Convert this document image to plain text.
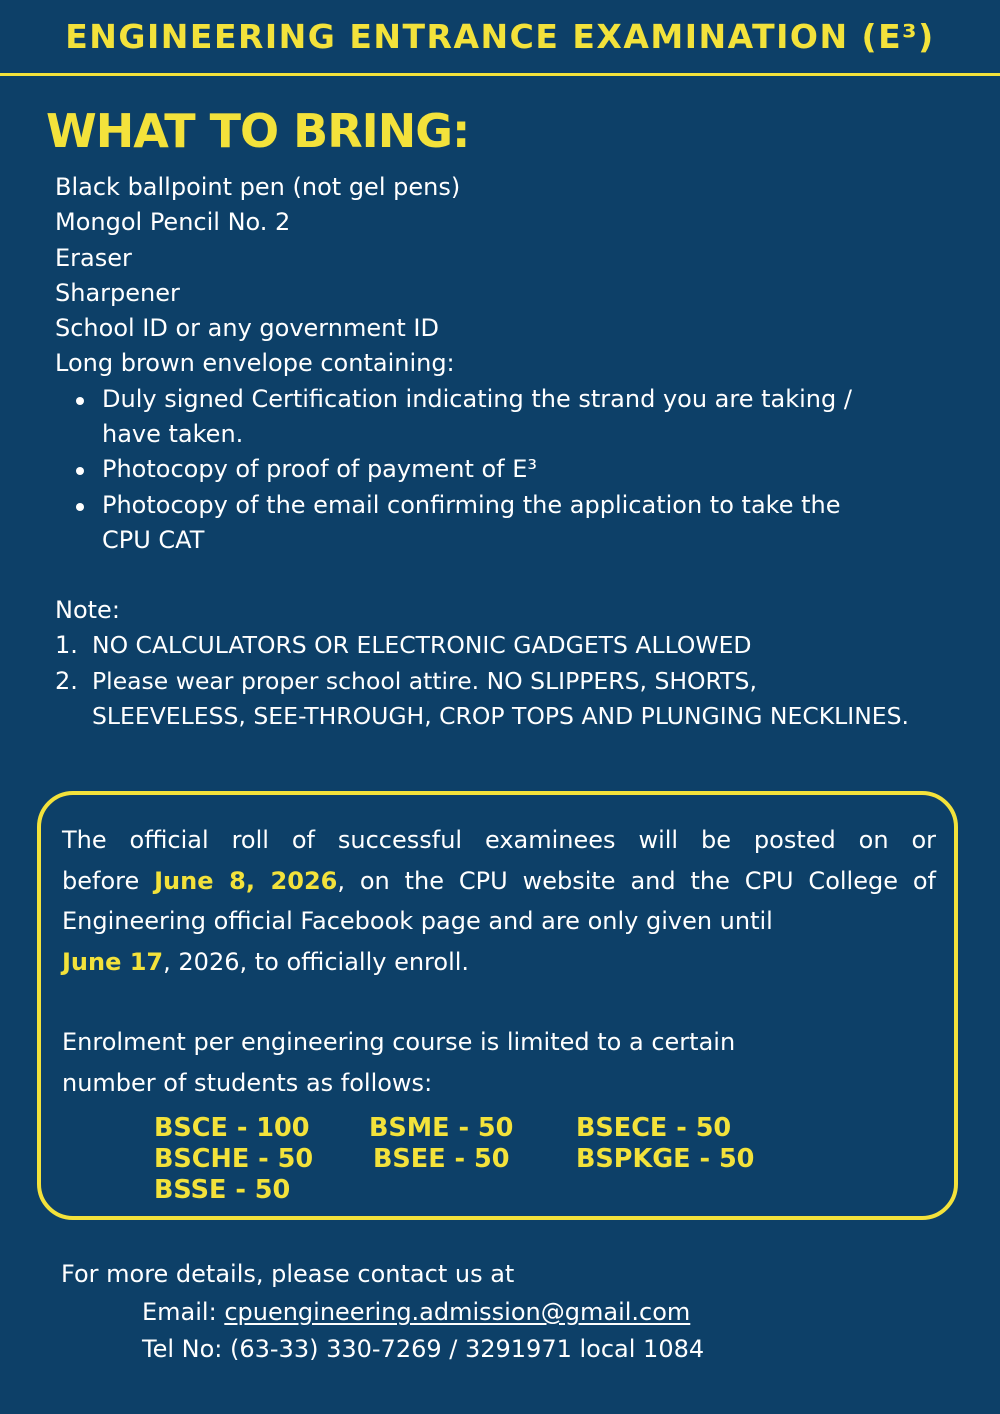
ENGINEERING ENTRANCE EXAMINATION (E³)
WHAT TO BRING:
Black ballpoint pen (not gel pens)
Mongol Pencil No. 2
Eraser
Sharpener
School ID or any government ID
Long brown envelope containing:
Duly signed Certification indicating the strand you are taking /
have taken.
Photocopy of proof of payment of E³
Photocopy of the email confirming the application to take the
CPU CAT
Note:
1. NO CALCULATORS OR ELECTRONIC GADGETS ALLOWED
2. Please wear proper school attire. NO SLIPPERS, SHORTS,
SLEEVELESS, SEE-THROUGH, CROP TOPS AND PLUNGING NECKLINES.
The official roll of successful examinees will be posted on or
before June 8, 2026, on the CPU website and the CPU College of
Engineering official Facebook page and are only given until
June 17, 2026, to officially enroll.
Enrolment per engineering course is limited to a certain
number of students as follows:
BSCE - 100 BSME - 50 BSECE - 50
BSCHE - 50 BSEE - 50	BSPKGE - 50
BSSE - 50
For more details, please contact us at
Email: cpuengineering.admission@gmail.com
Tel No: (63-33) 330-7269 / 3291971 local 1084
